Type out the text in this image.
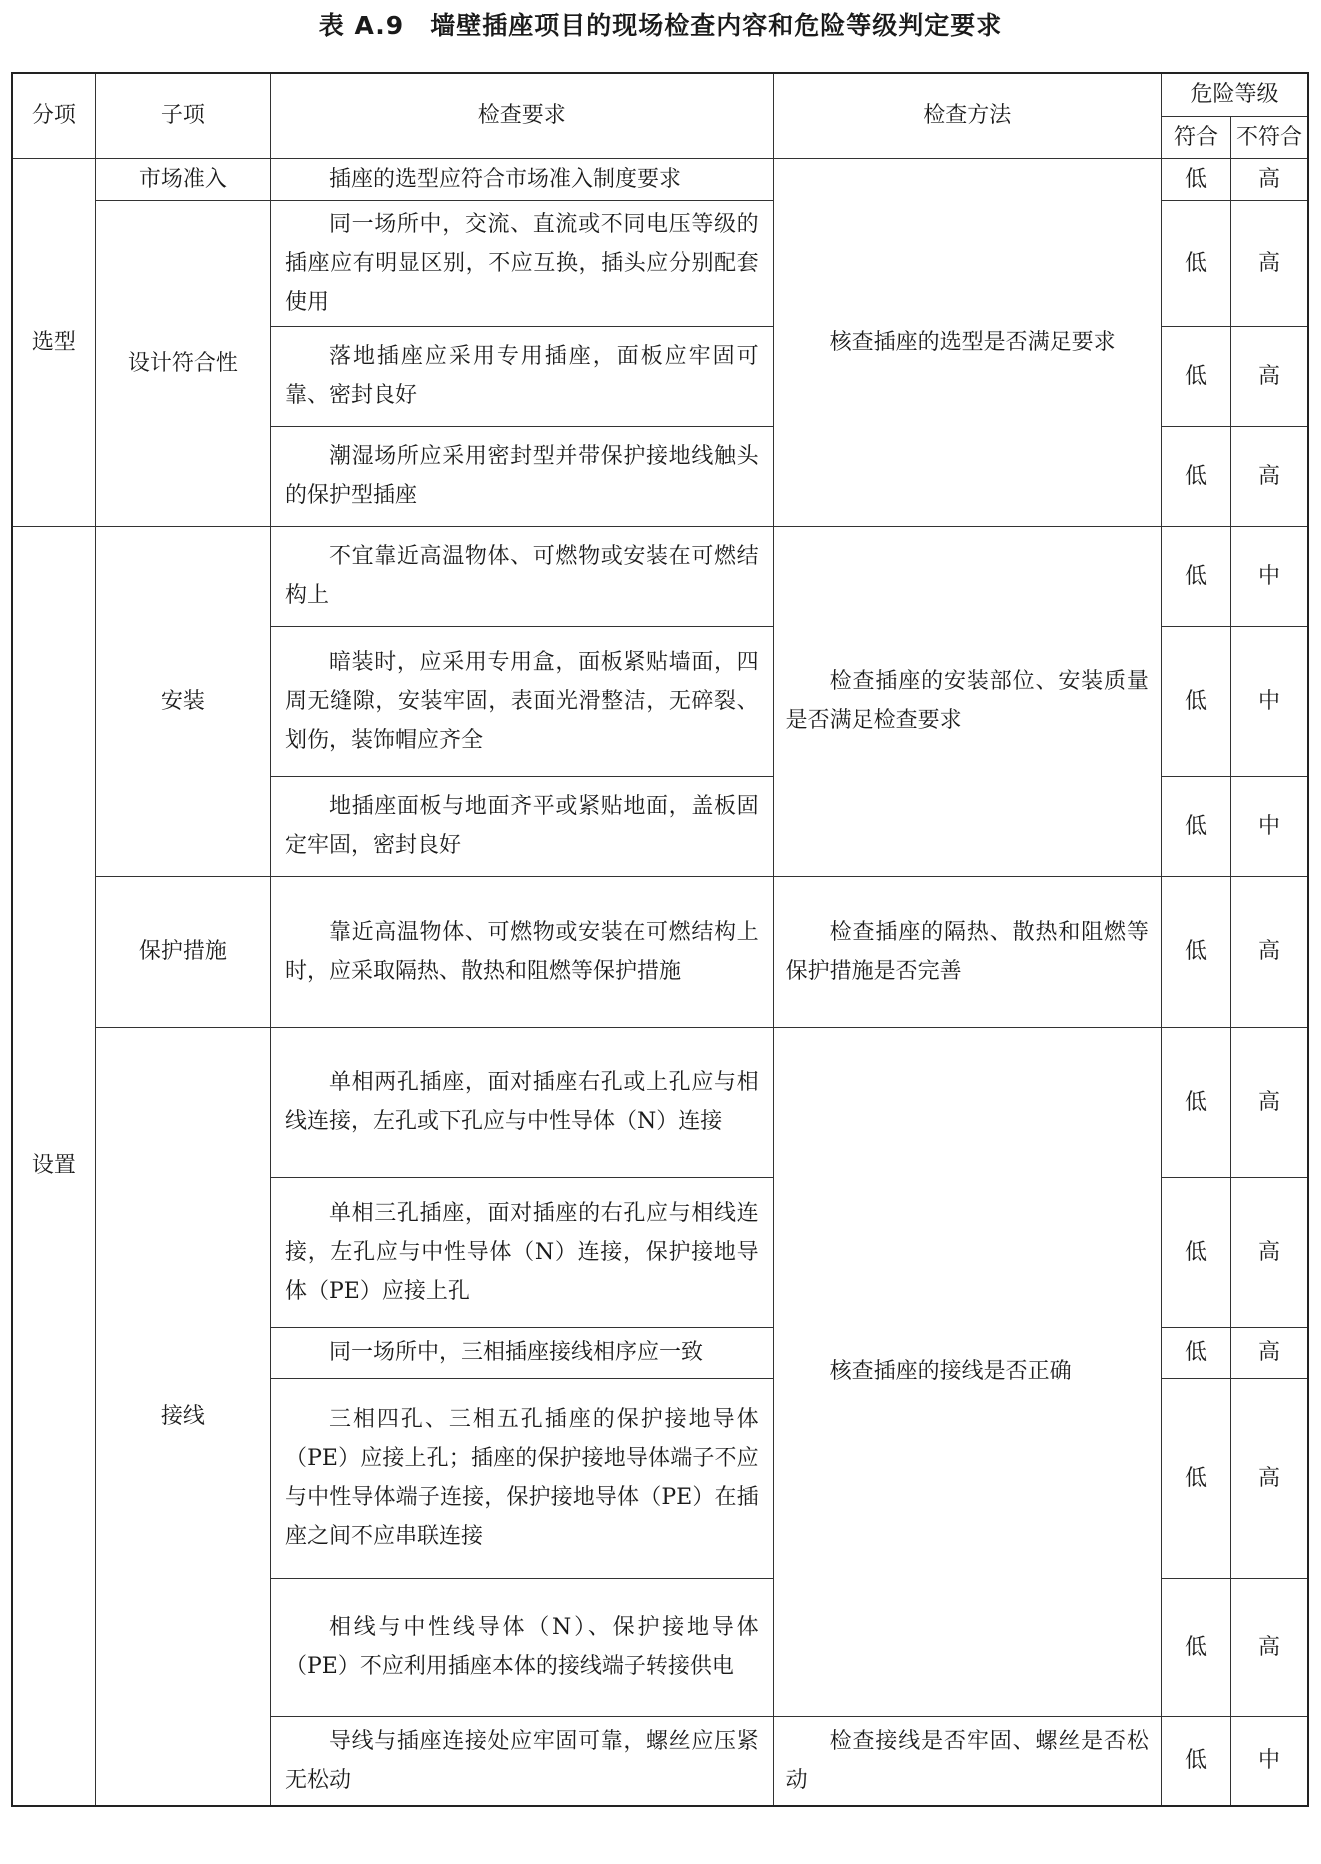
表 A.9 墙壁插座项目的现场检查内容和危险等级判定要求
分项	子项	检查要求	检查方法	危险等级	
				符合	不符合
选型	市场准入	插座的选型应符合市场准入制度要求	核查插座的选型是否满足要求	低	高
	设计符合性	同一场所中，交流、直流或不同电压等级的插座应有明显区别，不应互换，插头应分别配套使用		低	高
		落地插座应采用专用插座，面板应牢固可靠、密封良好		低	高
		潮湿场所应采用密封型并带保护接地线触头的保护型插座		低	高
设置	安装	不宜靠近高温物体、可燃物或安装在可燃结构上	检查插座的安装部位、安装质量是否满足检查要求	低	中
		暗装时，应采用专用盒，面板紧贴墙面，四周无缝隙，安装牢固，表面光滑整洁，无碎裂、划伤，装饰帽应齐全		低	中
		地插座面板与地面齐平或紧贴地面，盖板固定牢固，密封良好		低	中
	保护措施	靠近高温物体、可燃物或安装在可燃结构上时，应采取隔热、散热和阻燃等保护措施	检查插座的隔热、散热和阻燃等保护措施是否完善	低	高
	接线	单相两孔插座，面对插座右孔或上孔应与相线连接，左孔或下孔应与中性导体（N）连接	核查插座的接线是否正确	低	高
		单相三孔插座，面对插座的右孔应与相线连接，左孔应与中性导体（N）连接，保护接地导体（PE）应接上孔		低	高
		同一场所中，三相插座接线相序应一致		低	高
		三相四孔、三相五孔插座的保护接地导体（PE）应接上孔；插座的保护接地导体端子不应与中性导体端子连接，保护接地导体（PE）在插座之间不应串联连接		低	高
		相线与中性线导体（N）、保护接地导体（PE）不应利用插座本体的接线端子转接供电		低	高
		导线与插座连接处应牢固可靠，螺丝应压紧无松动	检查接线是否牢固、螺丝是否松动	低	中
